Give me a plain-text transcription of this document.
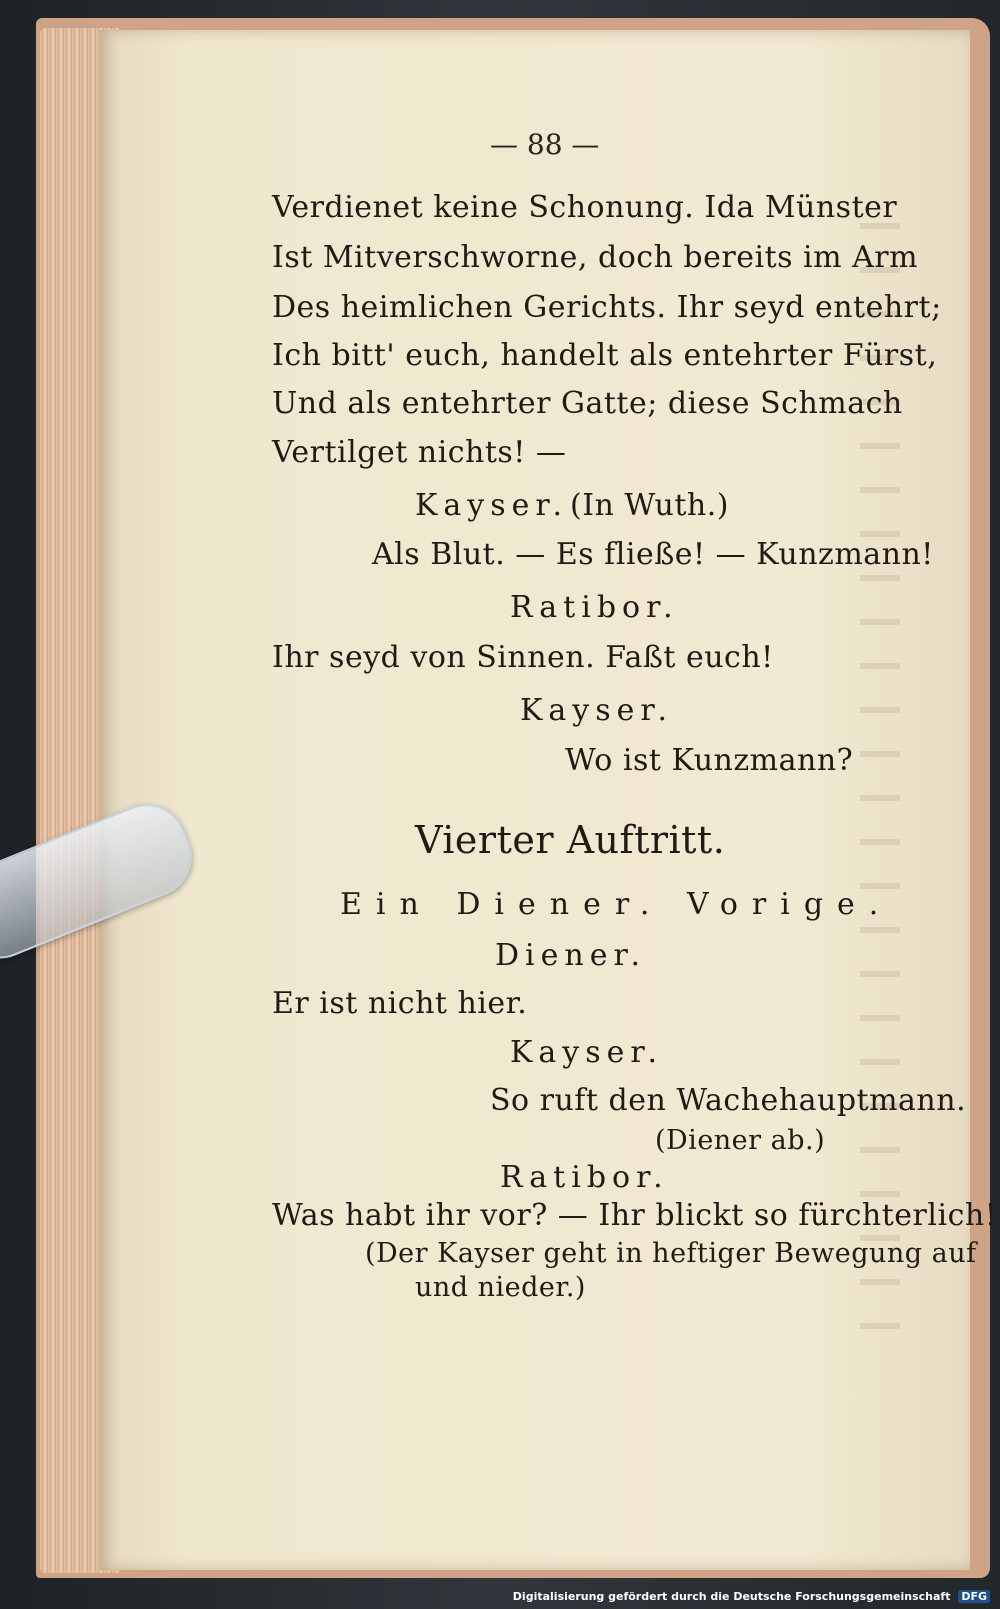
— 88 —
Verdienet keine Schonung. Ida Münster
Ist Mitverschworne, doch bereits im Arm
Des heimlichen Gerichts. Ihr seyd entehrt;
Ich bitt' euch, handelt als entehrter Fürst,
Und als entehrter Gatte; diese Schmach
Vertilget nichts! —
Kayser. (In Wuth.)
Als Blut. — Es fließe! — Kunzmann!
Ratibor.
Ihr seyd von Sinnen. Faßt euch!
Kayser.
Wo ist Kunzmann?
Vierter Auftritt.
Ein Diener. Vorige.
Diener.
Er ist nicht hier.
Kayser.
So ruft den Wachehauptmann.
(Diener ab.)
Ratibor.
Was habt ihr vor? — Ihr blickt so fürchterlich!
(Der Kayser geht in heftiger Bewegung auf
und nieder.)
Digitalisierung gefördert durch die Deutsche Forschungsgemeinschaft DFG
